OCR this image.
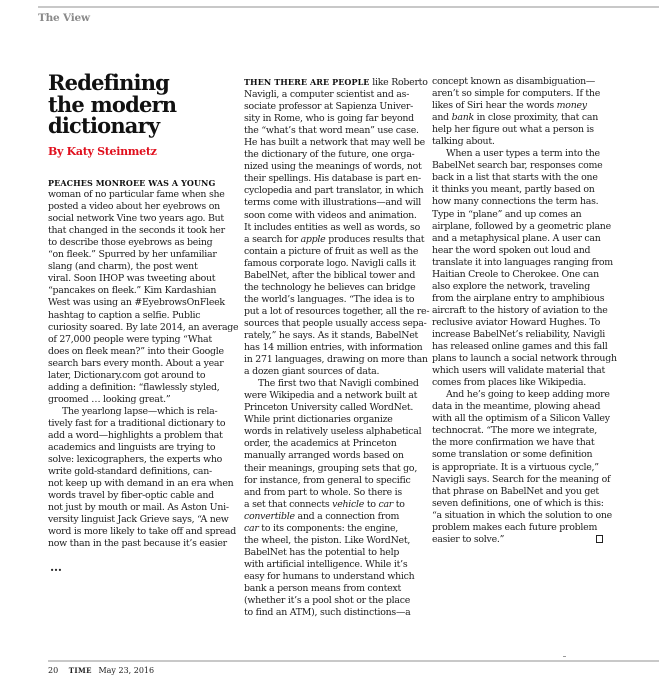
The View
Redefining
the modern
dictionary
By Katy Steinmetz
PEACHES MONROEE WAS A YOUNG
woman of no particular fame when she
posted a video about her eyebrows on
social network Vine two years ago. But
that changed in the seconds it took her
to describe those eyebrows as being
“on fleek.” Spurred by her unfamiliar
slang (and charm), the post went
viral. Soon IHOP was tweeting about
“pancakes on fleek.” Kim Kardashian
West was using an #EyebrowsOnFleek
hashtag to caption a selfie. Public
curiosity soared. By late 2014, an average
of 27,000 people were typing “What
does on fleek mean?” into their Google
search bars every month. About a year
later, Dictionary.com got around to
adding a definition: “flawlessly styled,
groomed … looking great.”
The yearlong lapse—which is rela-
tively fast for a traditional dictionary to
add a word—highlights a problem that
academics and linguists are trying to
solve: lexicographers, the experts who
write gold-standard definitions, can-
not keep up with demand in an era when
words travel by fiber-optic cable and
not just by mouth or mail. As Aston Uni-
versity linguist Jack Grieve says, “A new
word is more likely to take off and spread
now than in the past because it’s easier
…
THEN THERE ARE PEOPLE like Roberto
Navigli, a computer scientist and as-
sociate professor at Sapienza Univer-
sity in Rome, who is going far beyond
the “what’s that word mean” use case.
He has built a network that may well be
the dictionary of the future, one orga-
nized using the meanings of words, not
their spellings. His database is part en-
cyclopedia and part translator, in which
terms come with illustrations—and will
soon come with videos and animation.
It includes entities as well as words, so
a search for apple produces results that
contain a picture of fruit as well as the
famous corporate logo. Navigli calls it
BabelNet, after the biblical tower and
the technology he believes can bridge
the world’s languages. “The idea is to
put a lot of resources together, all the re-
sources that people usually access sepa-
rately,” he says. As it stands, BabelNet
has 14 million entries, with information
in 271 languages, drawing on more than
a dozen giant sources of data.
The first two that Navigli combined
were Wikipedia and a network built at
Princeton University called WordNet.
While print dictionaries organize
words in relatively useless alphabetical
order, the academics at Princeton
manually arranged words based on
their meanings, grouping sets that go,
for instance, from general to specific
and from part to whole. So there is
a set that connects vehicle to car to
convertible and a connection from
car to its components: the engine,
the wheel, the piston. Like WordNet,
BabelNet has the potential to help
with artificial intelligence. While it’s
easy for humans to understand which
bank a person means from context
(whether it’s a pool shot or the place
to find an ATM), such distinctions—a
concept known as disambiguation—
aren’t so simple for computers. If the
likes of Siri hear the words money
and bank in close proximity, that can
help her figure out what a person is
talking about.
When a user types a term into the
BabelNet search bar, responses come
back in a list that starts with the one
it thinks you meant, partly based on
how many connections the term has.
Type in “plane” and up comes an
airplane, followed by a geometric plane
and a metaphysical plane. A user can
hear the word spoken out loud and
translate it into languages ranging from
Haitian Creole to Cherokee. One can
also explore the network, traveling
from the airplane entry to amphibious
aircraft to the history of aviation to the
reclusive aviator Howard Hughes. To
increase BabelNet’s reliability, Navigli
has released online games and this fall
plans to launch a social network through
which users will validate material that
comes from places like Wikipedia.
And he’s going to keep adding more
data in the meantime, plowing ahead
with all the optimism of a Silicon Valley
technocrat. “The more we integrate,
the more confirmation we have that
some translation or some definition
is appropriate. It is a virtuous cycle,”
Navigli says. Search for the meaning of
that phrase on BabelNet and you get
seven definitions, one of which is this:
“a situation in which the solution to one
problem makes each future problem
easier to solve.”
20 TIME May 23, 2016
